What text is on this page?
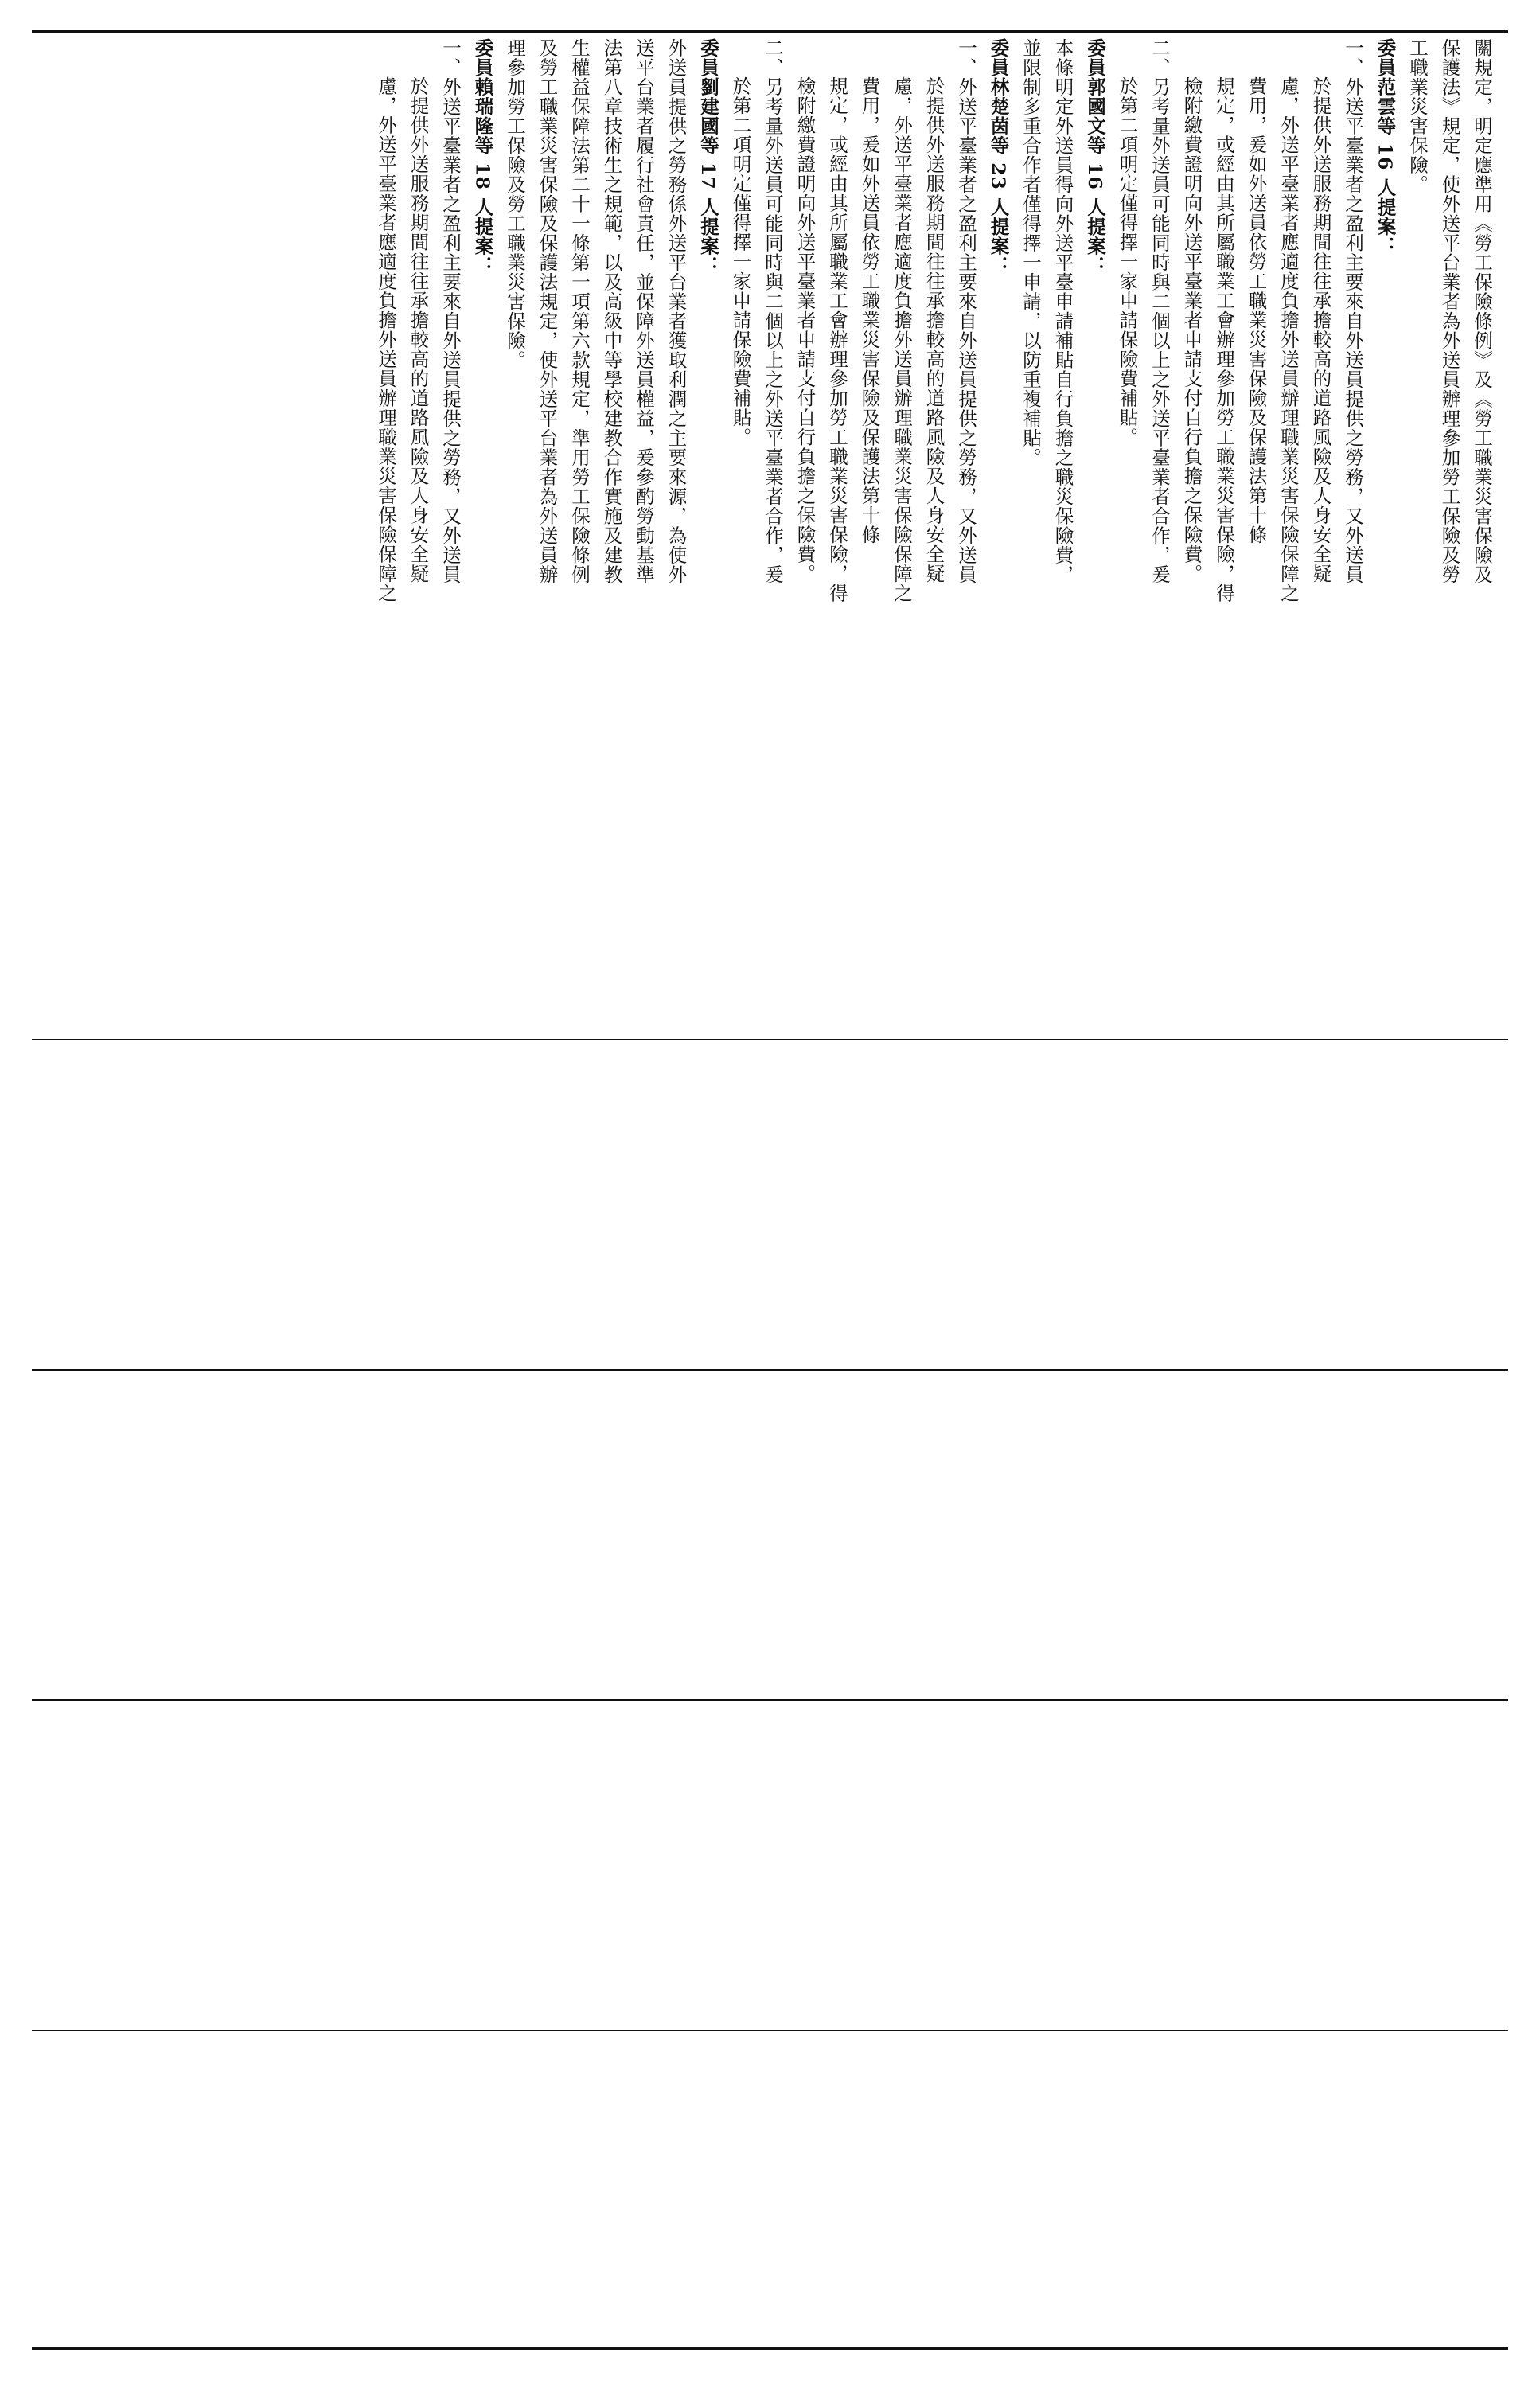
關規定，明定應準用《勞工保險條例》及《勞工職業災害保險及
保護法》規定，使外送平台業者為外送員辦理參加勞工保險及勞
工職業災害保險。
委員范雲等 16 人提案：
一、外送平臺業者之盈利主要來自外送員提供之勞務，又外送員
於提供外送服務期間往往承擔較高的道路風險及人身安全疑
慮，外送平臺業者應適度負擔外送員辦理職業災害保險保障之
費用，爰如外送員依勞工職業災害保險及保護法第十條
規定，或經由其所屬職業工會辦理參加勞工職業災害保險，得
檢附繳費證明向外送平臺業者申請支付自行負擔之保險費。
二、另考量外送員可能同時與二個以上之外送平臺業者合作，爰
於第二項明定僅得擇一家申請保險費補貼。
委員郭國文等 16 人提案：
本條明定外送員得向外送平臺申請補貼自行負擔之職災保險費，
並限制多重合作者僅得擇一申請，以防重複補貼。
委員林楚茵等 23 人提案：
一、外送平臺業者之盈利主要來自外送員提供之勞務，又外送員
於提供外送服務期間往往承擔較高的道路風險及人身安全疑
慮，外送平臺業者應適度負擔外送員辦理職業災害保險保障之
費用，爰如外送員依勞工職業災害保險及保護法第十條
規定，或經由其所屬職業工會辦理參加勞工職業災害保險，得
檢附繳費證明向外送平臺業者申請支付自行負擔之保險費。
二、另考量外送員可能同時與二個以上之外送平臺業者合作，爰
於第二項明定僅得擇一家申請保險費補貼。
委員劉建國等 17 人提案：
外送員提供之勞務係外送平台業者獲取利潤之主要來源，為使外
送平台業者履行社會責任，並保障外送員權益，爰參酌勞動基準
法第八章技術生之規範，以及高級中等學校建教合作實施及建教
生權益保障法第二十一條第一項第六款規定，準用勞工保險條例
及勞工職業災害保險及保護法規定，使外送平台業者為外送員辦
理參加勞工保險及勞工職業災害保險。
委員賴瑞隆等 18 人提案：
一、外送平臺業者之盈利主要來自外送員提供之勞務，又外送員
於提供外送服務期間往往承擔較高的道路風險及人身安全疑
慮，外送平臺業者應適度負擔外送員辦理職業災害保險保障之
